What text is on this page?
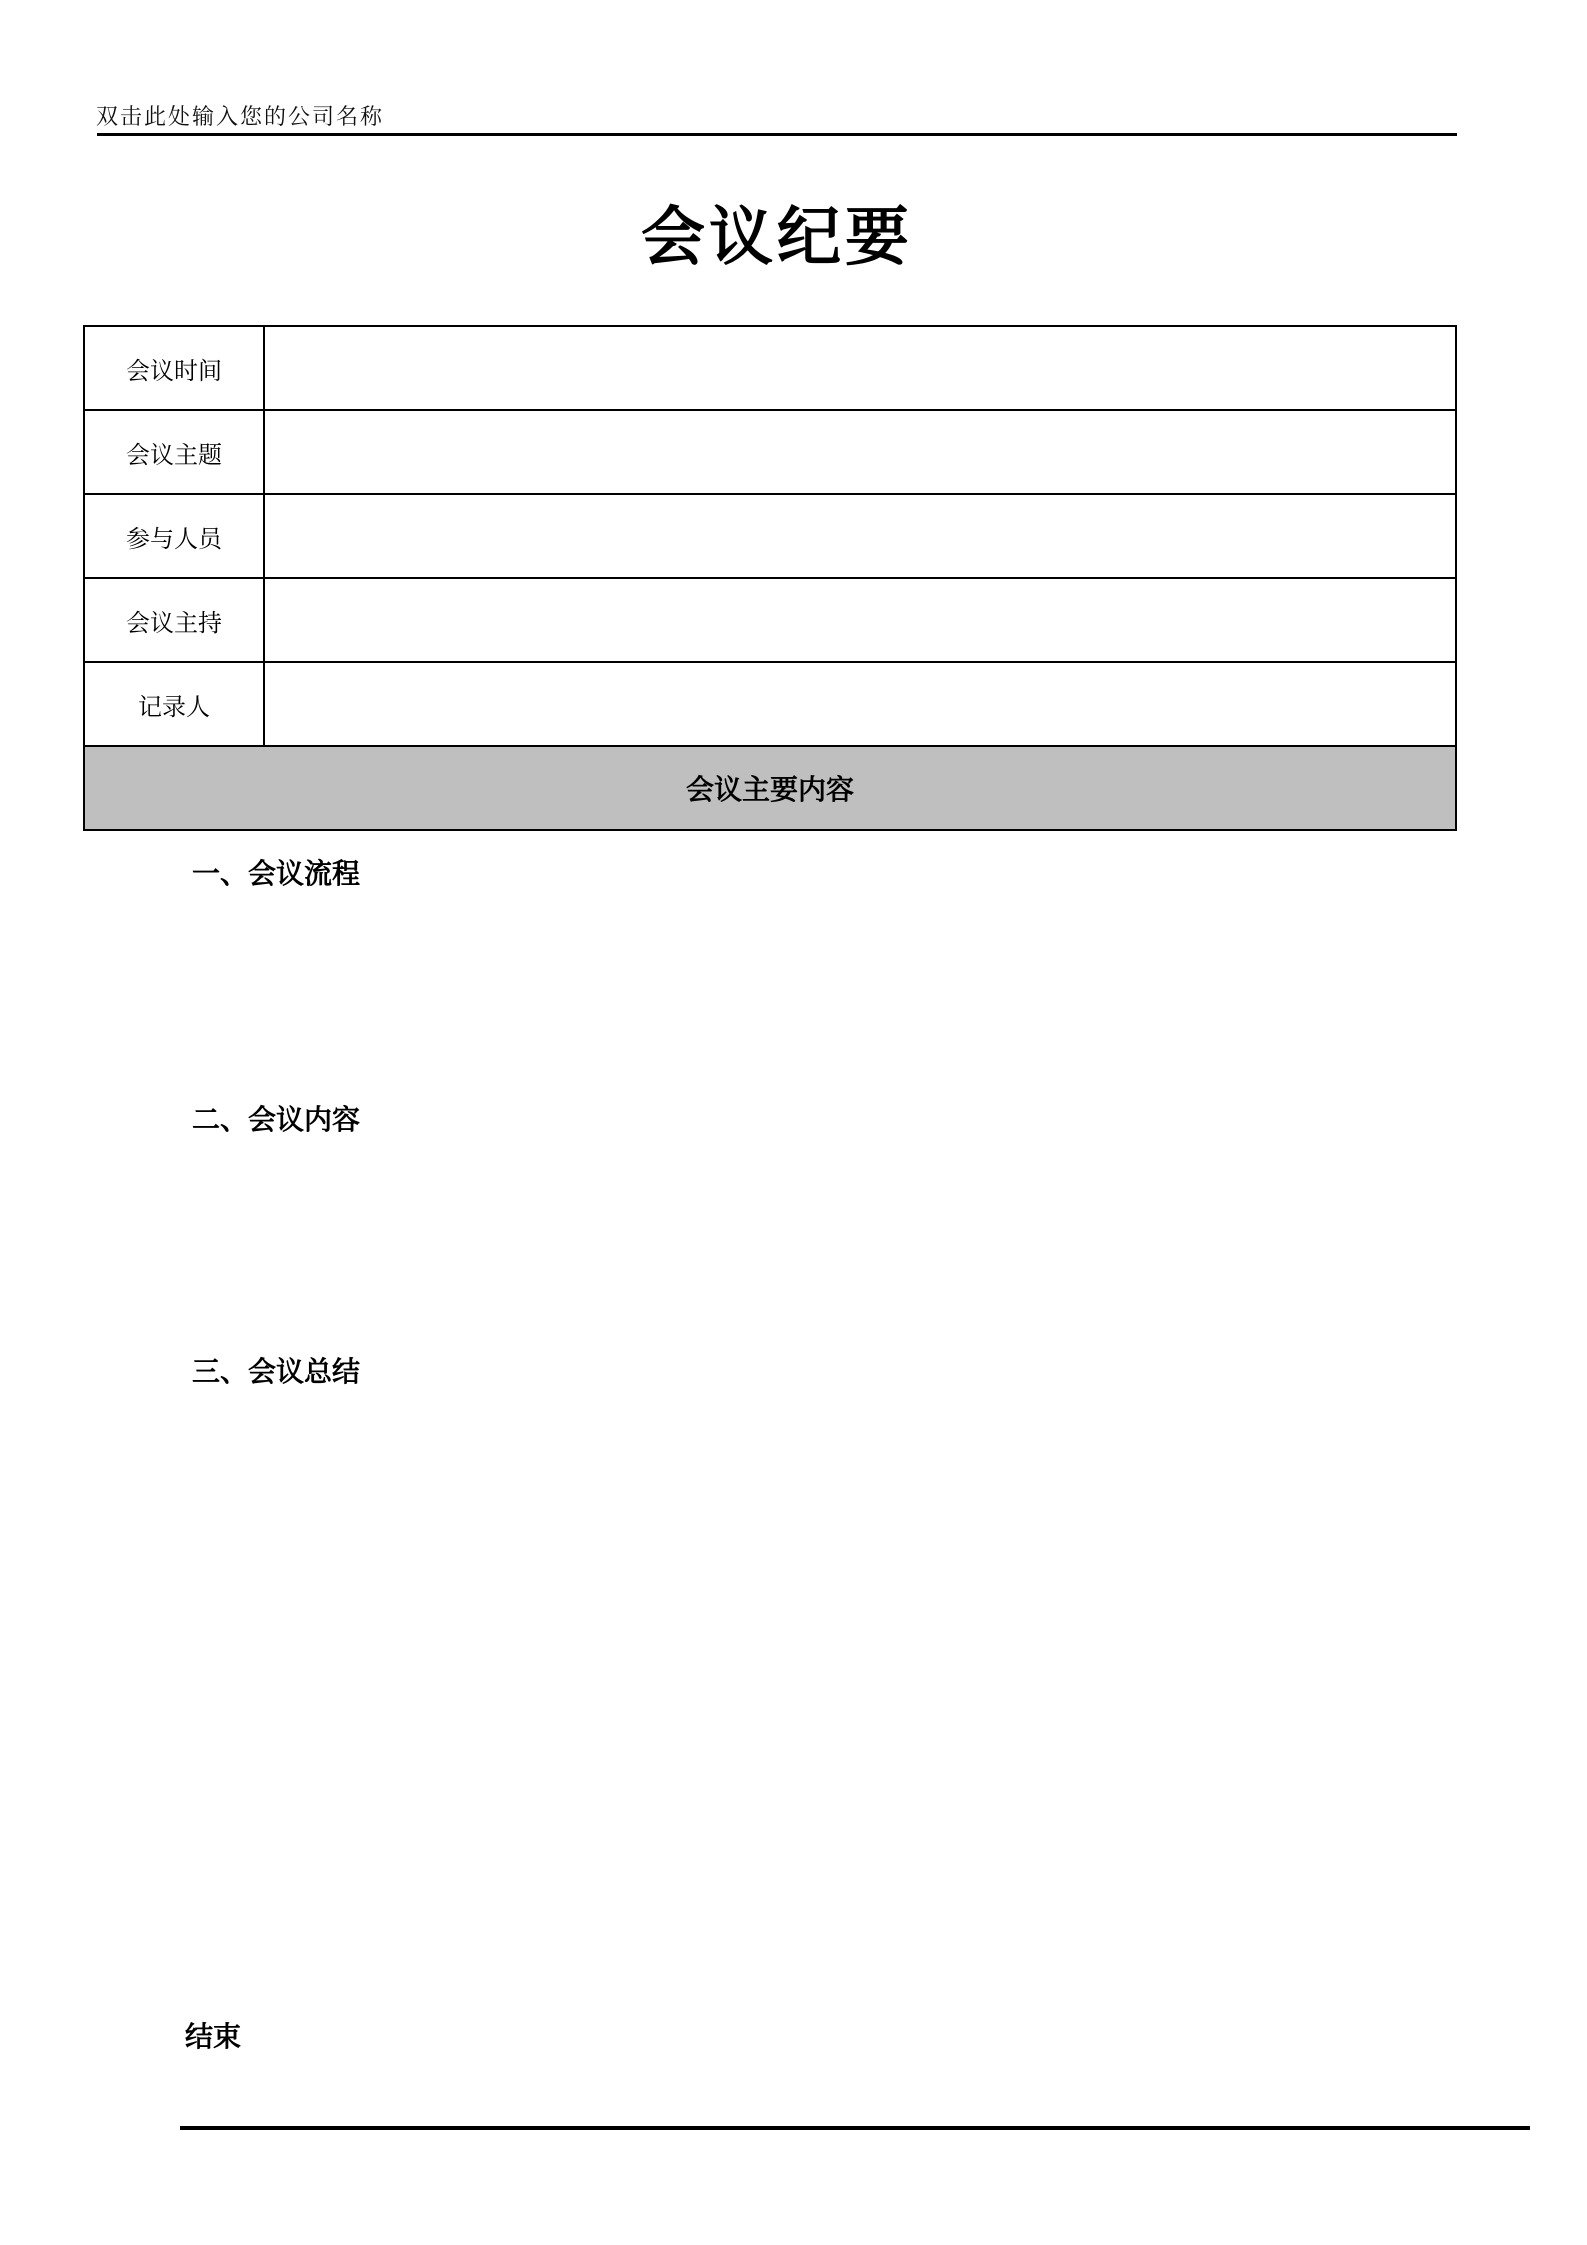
双击此处输入您的公司名称
会议纪要
会议时间	
会议主题	
参与人员	
会议主持	
记录人	
会议主要内容	
一、会议流程
二、会议内容
三、会议总结
结束
